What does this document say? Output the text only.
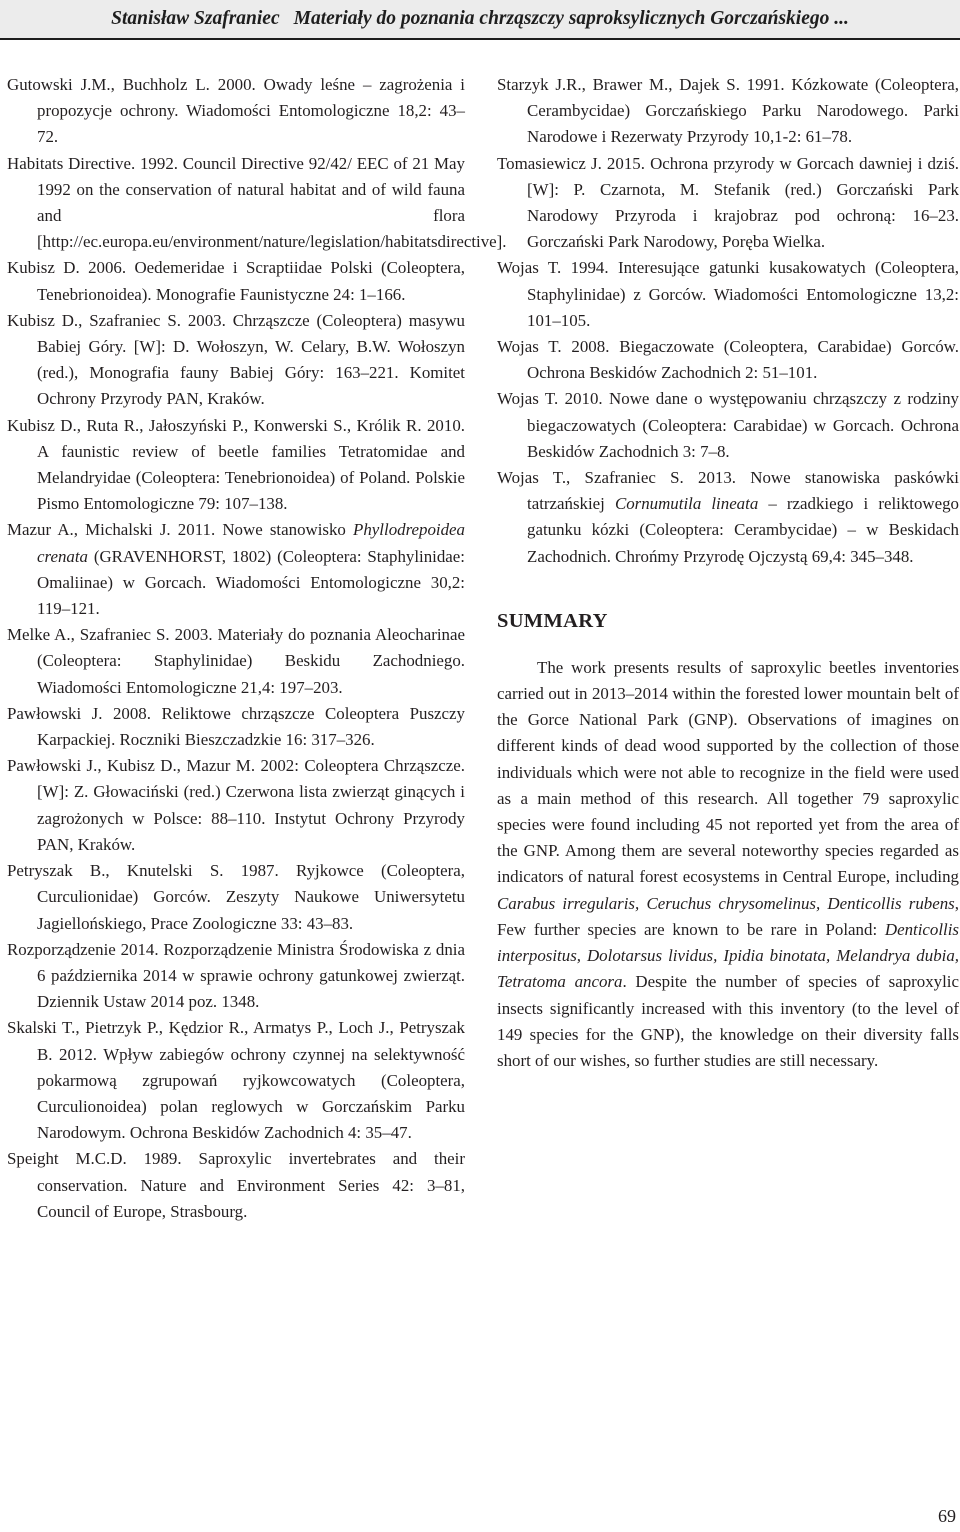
Stanisław Szafraniec Materiały do poznania chrząszczy saproksylicznych Gorczańskiego ...

Gutowski J.M., Buchholz L. 2000. Owady leśne – zagrożenia i propozycje ochrony. Wiadomości Entomologiczne 18,2: 43–72.

Habitats Directive. 1992. Council Directive 92/42/ EEC of 21 May 1992 on the conservation of natural habitat and of wild fauna and flora [http://ec.europa.eu/environment/nature/legislation/habitatsdirective].

Kubisz D. 2006. Oedemeridae i Scraptiidae Polski (Coleoptera, Tenebrionoidea). Monografie Faunistyczne 24: 1–166.

Kubisz D., Szafraniec S. 2003. Chrząszcze (Coleoptera) masywu Babiej Góry. [W]: D. Wołoszyn, W. Celary, B.W. Wołoszyn (red.), Monografia fauny Babiej Góry: 163–221. Komitet Ochrony Przyrody PAN, Kraków.

Kubisz D., Ruta R., Jałoszyński P., Konwerski S., Królik R. 2010. A faunistic review of beetle families Tetratomidae and Melandryidae (Coleoptera: Tenebrionoidea) of Poland. Polskie Pismo Entomologiczne 79: 107–138.

Mazur A., Michalski J. 2011. Nowe stanowisko Phyllodrepoidea crenata (GRAVENHORST, 1802) (Coleoptera: Staphylinidae: Omaliinae) w Gorcach. Wiadomości Entomologiczne 30,2: 119–121.

Melke A., Szafraniec S. 2003. Materiały do poznania Aleocharinae (Coleoptera: Staphylinidae) Beskidu Zachodniego. Wiadomości Entomologiczne 21,4: 197–203.

Pawłowski J. 2008. Reliktowe chrząszcze Coleoptera Puszczy Karpackiej. Roczniki Bieszczadzkie 16: 317–326.

Pawłowski J., Kubisz D., Mazur M. 2002: Coleoptera Chrząszcze. [W]: Z. Głowaciński (red.) Czerwona lista zwierząt ginących i zagrożonych w Polsce: 88–110. Instytut Ochrony Przyrody PAN, Kraków.

Petryszak B., Knutelski S. 1987. Ryjkowce (Coleoptera, Curculionidae) Gorców. Zeszyty Naukowe Uniwersytetu Jagiellońskiego, Prace Zoologiczne 33: 43–83.

Rozporządzenie 2014. Rozporządzenie Ministra Środowiska z dnia 6 października 2014 w sprawie ochrony gatunkowej zwierząt. Dziennik Ustaw 2014 poz. 1348.

Skalski T., Pietrzyk P., Kędzior R., Armatys P., Loch J., Petryszak B. 2012. Wpływ zabiegów ochrony czynnej na selektywność pokarmową zgrupowań ryjkowcowatych (Coleoptera, Curculionoidea) polan reglowych w Gorczańskim Parku Narodowym. Ochrona Beskidów Zachodnich 4: 35–47.

Speight M.C.D. 1989. Saproxylic invertebrates and their conservation. Nature and Environment Series 42: 3–81, Council of Europe, Strasbourg.

Starzyk J.R., Brawer M., Dajek S. 1991. Kózkowate (Coleoptera, Cerambycidae) Gorczańskiego Parku Narodowego. Parki Narodowe i Rezerwaty Przyrody 10,1-2: 61–78.

Tomasiewicz J. 2015. Ochrona przyrody w Gorcach dawniej i dziś. [W]: P. Czarnota, M. Stefanik (red.) Gorczański Park Narodowy Przyroda i krajobraz pod ochroną: 16–23. Gorczański Park Narodowy, Poręba Wielka.

Wojas T. 1994. Interesujące gatunki kusakowatych (Coleoptera, Staphylinidae) z Gorców. Wiadomości Entomologiczne 13,2: 101–105.

Wojas T. 2008. Biegaczowate (Coleoptera, Carabidae) Gorców. Ochrona Beskidów Zachodnich 2: 51–101.

Wojas T. 2010. Nowe dane o występowaniu chrząszczy z rodziny biegaczowatych (Coleoptera: Carabidae) w Gorcach. Ochrona Beskidów Zachodnich 3: 7–8.

Wojas T., Szafraniec S. 2013. Nowe stanowiska paskówki tatrzańskiej Cornumutila lineata – rzadkiego i reliktowego gatunku kózki (Coleoptera: Cerambycidae) – w Beskidach Zachodnich. Chrońmy Przyrodę Ojczystą 69,4: 345–348.

SUMMARY

The work presents results of saproxylic beetles inventories carried out in 2013–2014 within the forested lower mountain belt of the Gorce National Park (GNP). Observations of imagines on different kinds of dead wood supported by the collection of those individuals which were not able to recognize in the field were used as a main method of this research. All together 79 saproxylic species were found including 45 not reported yet from the area of the GNP. Among them are several noteworthy species regarded as indicators of natural forest ecosystems in Central Europe, including Carabus irregularis, Ceruchus chrysomelinus, Denticollis rubens, Few further species are known to be rare in Poland: Denticollis interpositus, Dolotarsus lividus, Ipidia binotata, Melandrya dubia, Tetratoma ancora. Despite the number of species of saproxylic insects significantly increased with this inventory (to the level of 149 species for the GNP), the knowledge on their diversity falls short of our wishes, so further studies are still necessary.

69
